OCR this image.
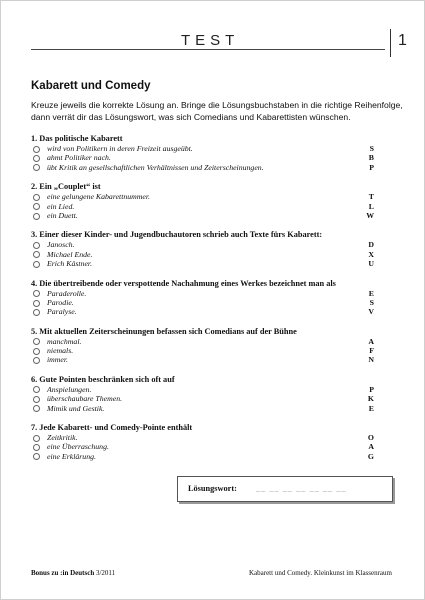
TEST	1
Kabarett und Comedy
Kreuze jeweils die korrekte Lösung an. Bringe die Lösungsbuchstaben in die richtige Reihenfolge,
dann verrät dir das Lösungswort, was sich Comedians und Kabarettisten wünschen.
1. Das politische Kabarett
wird von Politikern in deren Freizeit ausgeübt.	S
ahmt Politiker nach.	B
übt Kritik an gesellschaftlichen Verhältnissen und Zeiterscheinungen.	P
2. Ein „Couplet“ ist
eine gelungene Kabarettnummer.	T
ein Lied.	L
ein Duett.	W
3. Einer dieser Kinder- und Jugendbuchautoren schrieb auch Texte fürs Kabarett:
Janosch.	D
Michael Ende.	X
Erich Kästner.	U
4. Die übertreibende oder verspottende Nachahmung eines Werkes bezeichnet man als
Paraderolle.	E
Parodie.	S
Paralyse.	V
5. Mit aktuellen Zeiterscheinungen befassen sich Comedians auf der Bühne
manchmal.	A
niemals.	F
immer.	N
6. Gute Pointen beschränken sich oft auf
Anspielungen.	P
überschaubare Themen.	K
Mimik und Gestik.	E
7. Jede Kabarett- und Comedy-Pointe enthält
Zeitkritik.	O
eine Überraschung.	A
eine Erklärung.	G
Lösungswort: __ __ __ __ __ __ __
Bonus zu :in Deutsch 3/2011	Kabarett und Comedy. Kleinkunst im Klassenraum
